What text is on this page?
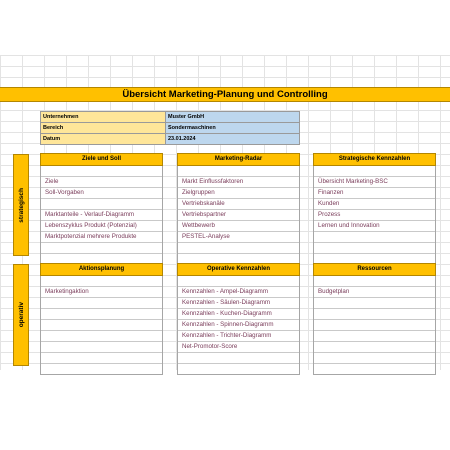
Übersicht Marketing-Planung und Controlling
Unternehmen	Muster GmbH
Bereich	Sondermaschinen
Datum	23.01.2024
strategisch
operativ
Ziele und Soll
Ziele
Soll-Vorgaben
Marktanteile - Verlauf-Diagramm
Lebenszyklus Produkt (Potenzial)
Marktpotenzial mehrere Produkte
Marketing-Radar
Markt Einflussfaktoren
Zielgruppen
Vertriebskanäle
Vertriebspartner
Wettbewerb
PESTEL-Analyse
Strategische Kennzahlen
Übersicht Marketing-BSC
Finanzen
Kunden
Prozess
Lernen und Innovation
Aktionsplanung
Marketingaktion
Operative Kennzahlen
Kennzahlen - Ampel-Diagramm
Kennzahlen - Säulen-Diagramm
Kennzahlen - Kuchen-Diagramm
Kennzahlen - Spinnen-Diagramm
Kennzahlen - Trichter-Diagramm
Net-Promotor-Score
Ressourcen
Budgetplan
